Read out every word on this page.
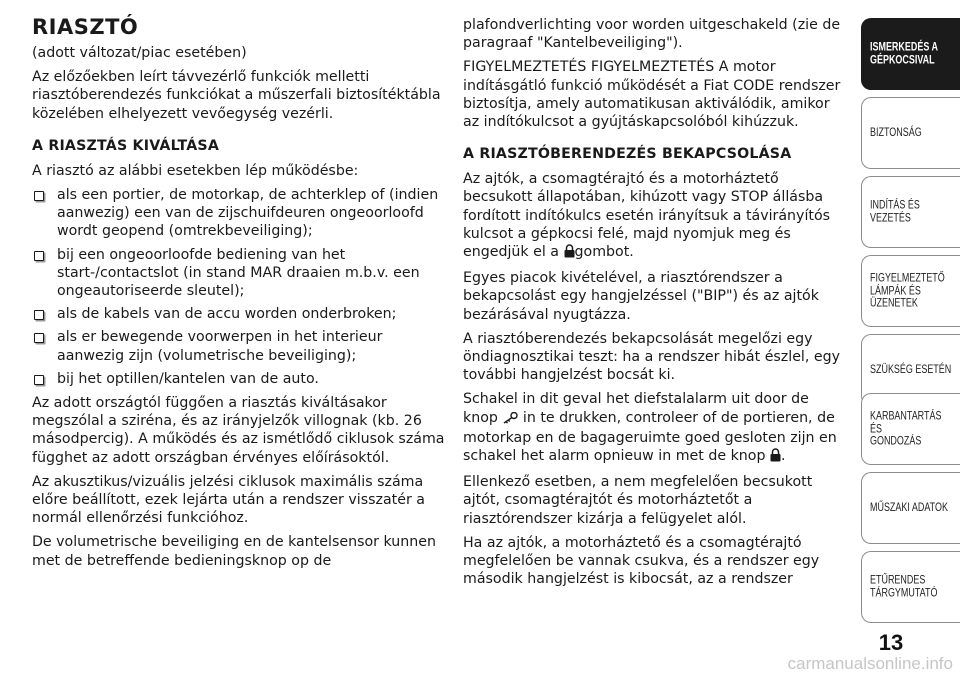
RIASZTÓ

(adott változat/piac esetében)

Az előzőekben leírt távvezérlő funkciók melletti riasztóberendezés funkciókat a műszerfali biztosítéktábla közelében elhelyezett vevőegység vezérli.

A RIASZTÁS KIVÁLTÁSA

A riasztó az alábbi esetekben lép működésbe:

als een portier, de motorkap, de achterklep of (indien aanwezig) een van de zijschuifdeuren ongeoorloofd wordt geopend (omtrekbeveiliging);
bij een ongeoorloofde bediening van het start-/contactslot (in stand MAR draaien m.b.v. een ongeautoriseerde sleutel);
als de kabels van de accu worden onderbroken;
als er bewegende voorwerpen in het interieur aanwezig zijn (volumetrische beveiliging);
bij het optillen/kantelen van de auto.

Az adott országtól függően a riasztás kiváltásakor megszólal a sziréna, és az irányjelzők villognak (kb. 26 másodpercig). A működés és az ismétlődő ciklusok száma függhet az adott országban érvényes előírásoktól.

Az akusztikus/vizuális jelzési ciklusok maximális száma előre beállított, ezek lejárta után a rendszer visszatér a normál ellenőrzési funkcióhoz.

De volumetrische beveiliging en de kantelsensor kunnen met de betreffende bedieningsknop op de

plafondverlichting voor worden uitgeschakeld (zie de paragraaf "Kantelbeveiliging").

FIGYELMEZTETÉS FIGYELMEZTETÉS A motor indításgátló funkció működését a Fiat CODE rendszer biztosítja, amely automatikusan aktiválódik, amikor az indítókulcsot a gyújtáskapcsolóból kihúzzuk.

A RIASZTÓBERENDEZÉS BEKAPCSOLÁSA

Az ajtók, a csomagtérajtó és a motorháztető becsukott állapotában, kihúzott vagy STOP állásba fordított indítókulcs esetén irányítsuk a távirányítós kulcsot a gépkocsi felé, majd nyomjuk meg és engedjük el a gombot.

Egyes piacok kivételével, a riasztórendszer a bekapcsolást egy hangjelzéssel ("BIP") és az ajtók bezárásával nyugtázza.

A riasztóberendezés bekapcsolását megelőzi egy öndiagnosztikai teszt: ha a rendszer hibát észlel, egy további hangjelzést bocsát ki.

Schakel in dit geval het diefstalalarm uit door de knop  in te drukken, controleer of de portieren, de motorkap en de bagageruimte goed gesloten zijn en schakel het alarm opnieuw in met de knop .

Ellenkező esetben, a nem megfelelően becsukott ajtót, csomagtérajtót és motorháztetőt a riasztórendszer kizárja a felügyelet alól.

Ha az ajtók, a motorháztető és a csomagtérajtó megfelelően be vannak csukva, és a rendszer egy második hangjelzést is kibocsát, az a rendszer

ISMERKEDÉS A
GÉPKOCSIVAL
BIZTONSÁG
INDÍTÁS ÉS VEZETÉS
FIGYELMEZTETŐ
LÁMPÁK ÉS
ÜZENETEK
SZÜKSÉG ESETÉN
KARBANTARTÁS ÉS
GONDOZÁS
MŰSZAKI ADATOK
ETŰRENDES
TÁRGYMUTATÓ
13
carmanualsonline.info
